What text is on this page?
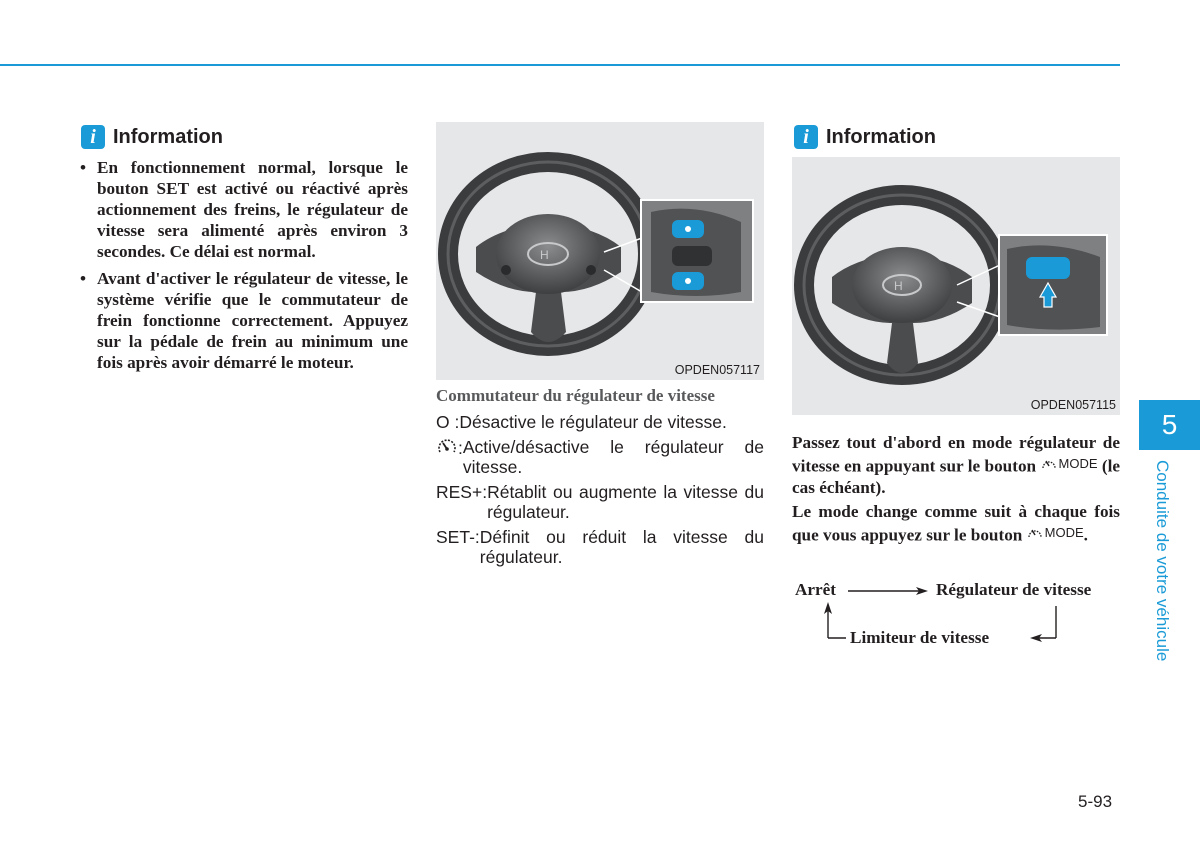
i Information
• En fonctionnement normal, lorsque le bouton SET est activé ou réactivé après actionnement des freins, le régulateur de vitesse sera alimenté après environ 3 secondes. Ce délai est normal.
• Avant d'activer le régulateur de vitesse, le système vérifie que le commutateur de frein fonctionne correctement. Appuyez sur la pédale de frein au minimum une fois après avoir démarré le moteur.
H
OPDEN057117
Commutateur du régulateur de vitesse
O : Désactive le régulateur de vitesse.
: Active/désactive le régulateur de vitesse.
RES+: Rétablit ou augmente la vitesse du régulateur.
SET-: Définit ou réduit la vitesse du régulateur.
i Information
H
OPDEN057115
Passez tout d'abord en mode régulateur de vitesse en appuyant sur le bouton MODE (le cas échéant).
Le mode change comme suit à chaque fois que vous appuyez sur le bouton MODE .
Arrêt	Régulateur de vitesse
Limiteur de vitesse
5
Conduite de votre véhicule
5-93
